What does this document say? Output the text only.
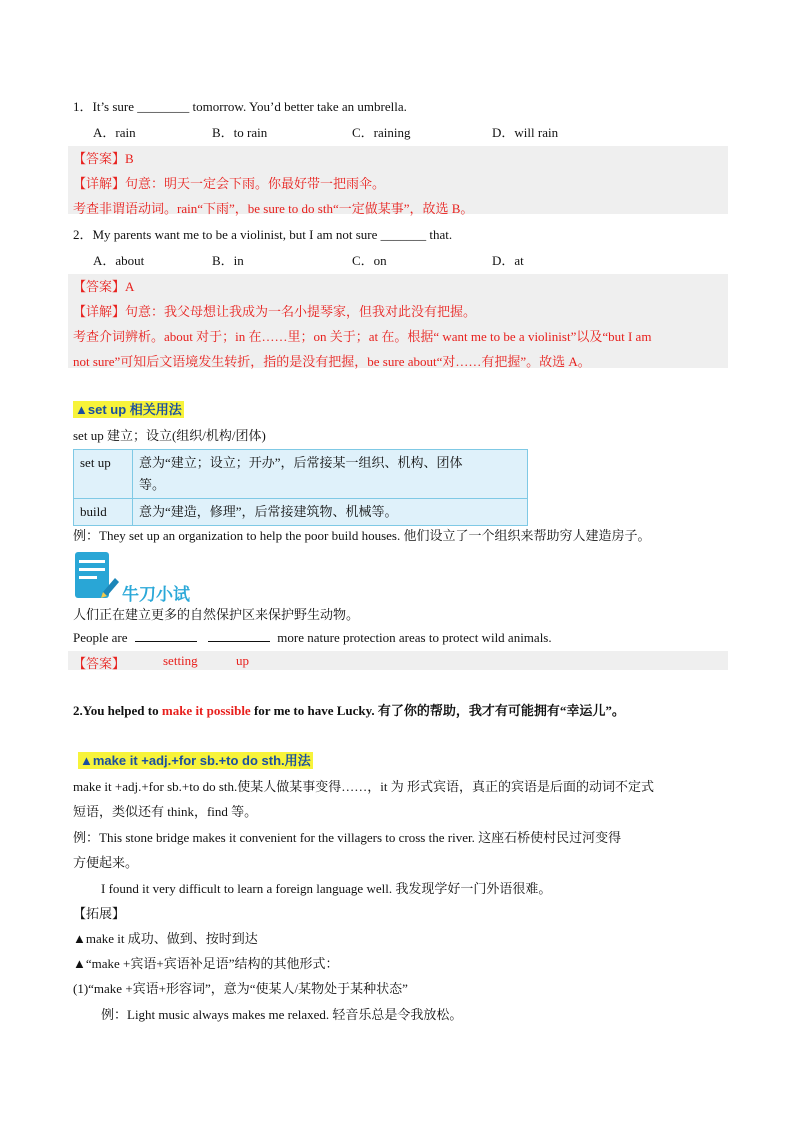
1．It’s sure ________ tomorrow. You’d better take an umbrella.
A．rain	B．to rain	C．raining	D．will rain
【答案】B
【详解】句意：明天一定会下雨。你最好带一把雨伞。
考查非谓语动词。rain“下雨”，be sure to do sth“一定做某事”，故选 B。
2．My parents want me to be a violinist, but I am not sure _______ that.
A．about	B．in	C．on	D．at
【答案】A
【详解】句意：我父母想让我成为一名小提琴家，但我对此没有把握。
考查介词辨析。about 对于；in 在……里；on 关于；at 在。根据“ want me to be a violinist”以及“but I am
not sure”可知后文语境发生转折，指的是没有把握，be sure about“对……有把握”。故选 A。
▲set up 相关用法
set up 建立；设立(组织/机构/团体)
set up	意为“建立；设立；开办”，后常接某一组织、机构、团体
等。

build	意为“建造，修理”，后常接建筑物、机械等。
例：They set up an organization to help the poor build houses. 他们设立了一个组织来帮助穷人建造房子。
牛刀小试
人们正在建立更多的自然保护区来保护野生动物。
People are	more nature protection areas to protect wild animals.
【答案】	setting	up
2.You helped to make it possible for me to have Lucky. 有了你的帮助，我才有可能拥有“幸运儿”。
▲make it +adj.+for sb.+to do sth.用法
make it +adj.+for sb.+to do sth.使某人做某事变得……，it 为 形式宾语，真正的宾语是后面的动词不定式
短语，类似还有 think，find 等。
例：This stone bridge makes it convenient for the villagers to cross the river. 这座石桥使村民过河变得
方便起来。
I found it very difficult to learn a foreign language well. 我发现学好一门外语很难。
【拓展】
▲make it 成功、做到、按时到达
▲“make +宾语+宾语补足语”结构的其他形式：
(1)“make +宾语+形容词”，意为“使某人/某物处于某种状态”
例：Light music always makes me relaxed. 轻音乐总是令我放松。
